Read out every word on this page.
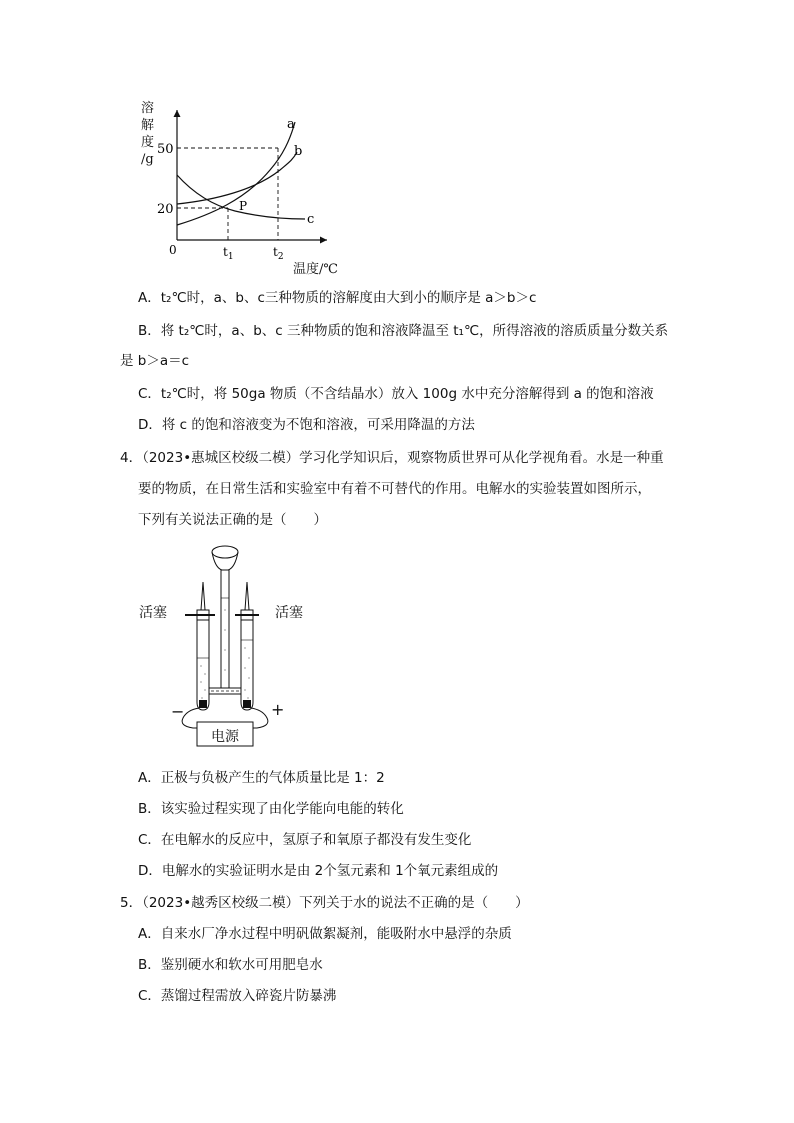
溶
解
度
/g
50
20
0	$t_1$	$t_2$
a
b
c
P
温度/℃
A．t₂℃时，a、b、c三种物质的溶解度由大到小的顺序是 a＞b＞c
B．将 t₂℃时，a、b、c 三种物质的饱和溶液降温至 t₁℃，所得溶液的溶质质量分数关系
是 b＞a＝c
C．t₂℃时，将 50ga 物质（不含结晶水）放入 100g 水中充分溶解得到 a 的饱和溶液
D．将 c 的饱和溶液变为不饱和溶液，可采用降温的方法
4．（2023•惠城区校级二模）学习化学知识后，观察物质世界可从化学视角看。水是一种重
要的物质，在日常生活和实验室中有着不可替代的作用。电解水的实验装置如图所示，
下列有关说法正确的是（　　）
活塞	活塞
−	+
电源
A．正极与负极产生的气体质量比是 1：2
B．该实验过程实现了由化学能向电能的转化
C．在电解水的反应中，氢原子和氧原子都没有发生变化
D．电解水的实验证明水是由 2个氢元素和 1个氧元素组成的
5．（2023•越秀区校级二模）下列关于水的说法不正确的是（　　）
A．自来水厂净水过程中明矾做絮凝剂，能吸附水中悬浮的杂质
B．鉴别硬水和软水可用肥皂水
C．蒸馏过程需放入碎瓷片防暴沸
